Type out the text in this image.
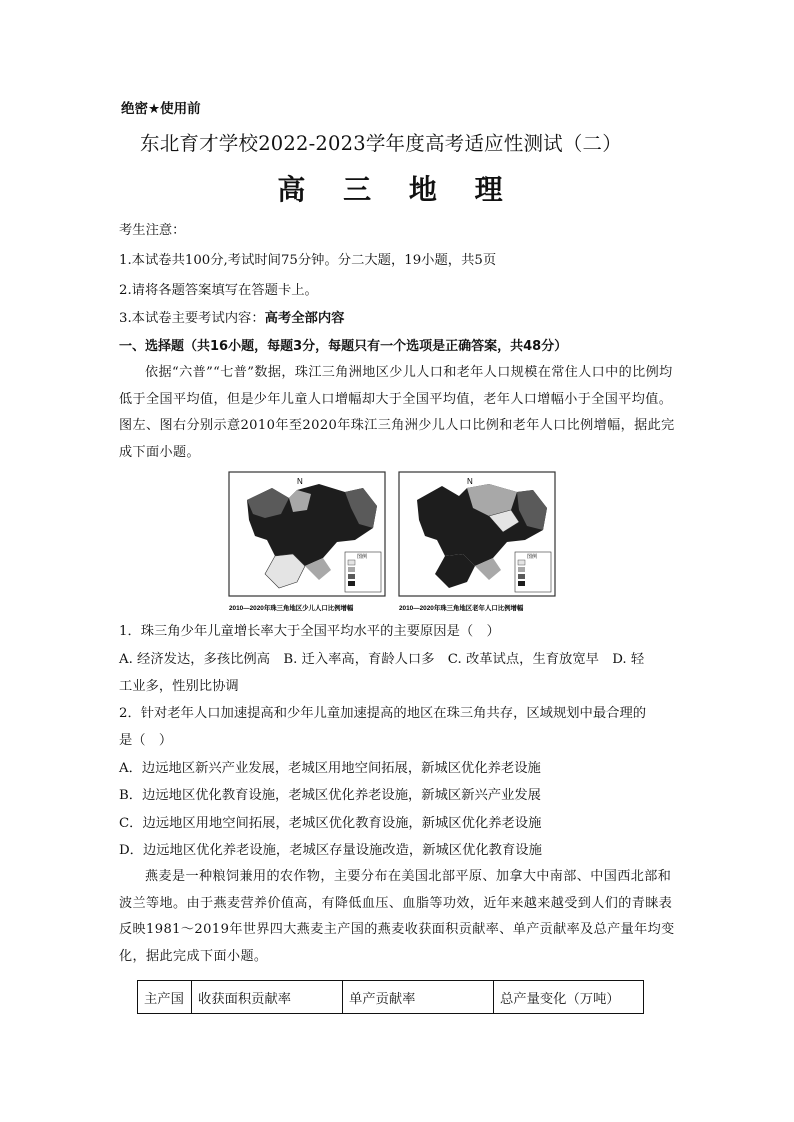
绝密★使用前
东北育才学校2022-2023学年度高考适应性测试（二）
高 三 地 理
考生注意：
1.本试卷共100分,考试时间75分钟。分二大题，19小题，共5页
2.请将各题答案填写在答题卡上。
3.本试卷主要考试内容：高考全部内容
一、选择题（共16小题，每题3分，每题只有一个选项是正确答案，共48分）
依据“六普”“七普”数据，珠江三角洲地区少儿人口和老年人口规模在常住人口中的比例均低于全国平均值，但是少年儿童人口增幅却大于全国平均值，老年人口增幅小于全国平均值。图左、图右分别示意2010年至2020年珠江三角洲少儿人口比例和老年人口比例增幅，据此完成下面小题。
N
图例
2010—2020年珠三角地区少儿人口比例增幅
N
图例
2010—2020年珠三角地区老年人口比例增幅
1．珠三角少年儿童增长率大于全国平均水平的主要原因是（　）
A. 经济发达，多孩比例高　B. 迁入率高，育龄人口多　C. 改革试点，生育放宽早　D. 轻
工业多，性别比协调
2．针对老年人口加速提高和少年儿童加速提高的地区在珠三角共存，区域规划中最合理的
是（　）
A．边远地区新兴产业发展，老城区用地空间拓展，新城区优化养老设施
B．边远地区优化教育设施，老城区优化养老设施，新城区新兴产业发展
C．边远地区用地空间拓展，老城区优化教育设施，新城区优化养老设施
D．边远地区优化养老设施，老城区存量设施改造，新城区优化教育设施
燕麦是一种粮饲兼用的农作物，主要分布在美国北部平原、加拿大中南部、中国西北部和波兰等地。由于燕麦营养价值高，有降低血压、血脂等功效，近年来越来越受到人们的青睐表反映1981～2019年世界四大燕麦主产国的燕麦收获面积贡献率、单产贡献率及总产量年均变化，据此完成下面小题。
主产国	收获面积贡献率	单产贡献率	总产量变化（万吨）
